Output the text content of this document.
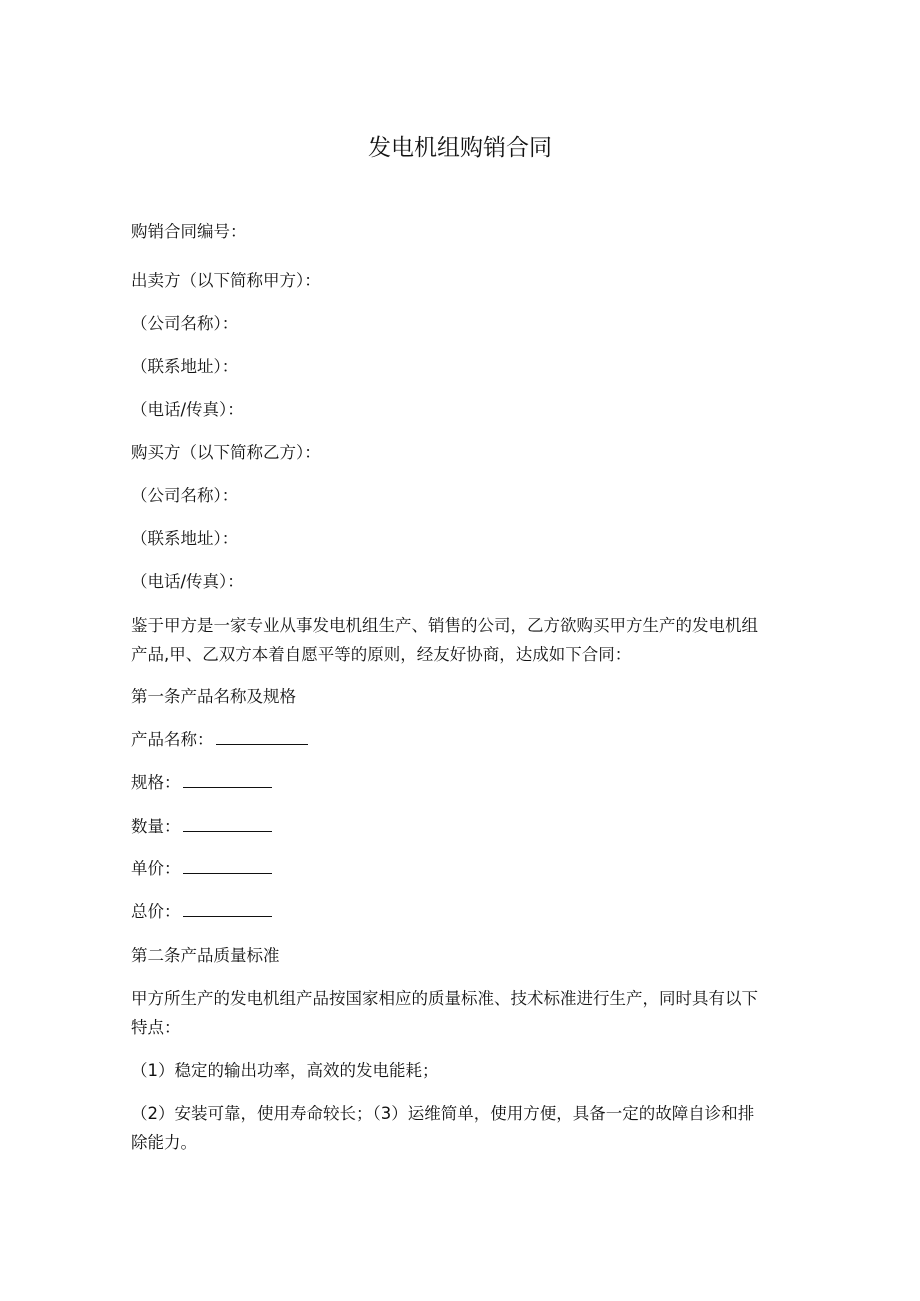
发电机组购销合同
购销合同编号：
出卖方（以下简称甲方）：
（公司名称）：
（联系地址）：
（电话/传真）：
购买方（以下简称乙方）：
（公司名称）：
（联系地址）：
（电话/传真）：
鉴于甲方是一家专业从事发电机组生产、销售的公司，乙方欲购买甲方生产的发电机组
产品,甲、乙双方本着自愿平等的原则，经友好协商，达成如下合同：
第一条产品名称及规格
产品名称：
规格：
数量：
单价：
总价：
第二条产品质量标准
甲方所生产的发电机组产品按国家相应的质量标准、技术标准进行生产，同时具有以下
特点：
（1）稳定的输出功率，高效的发电能耗；
（2）安装可靠，使用寿命较长；（3）运维简单，使用方便，具备一定的故障自诊和排
除能力。
